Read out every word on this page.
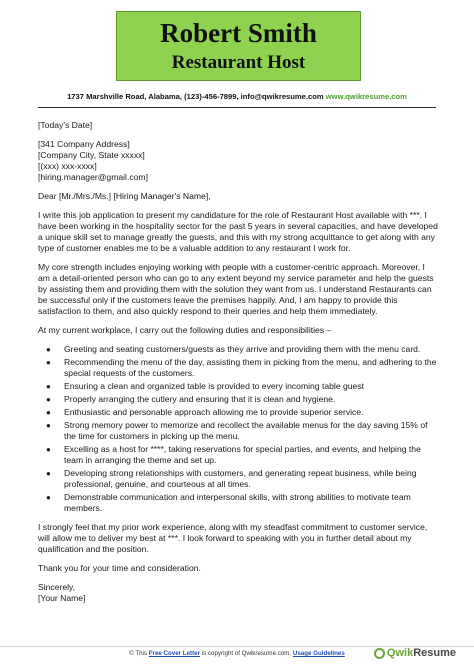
Robert Smith
Restaurant Host
1737 Marshville Road, Alabama, (123)-456-7899, info@qwikresume.com www.qwikresume.com

[Today's Date]

[341 Company Address]
[Company City, State xxxxx]
[(xxx) xxx-xxxx]
[hiring.manager@gmail.com]

Dear [Mr./Mrs./Ms.] [Hiring Manager's Name],

I write this job application to present my candidature for the role of Restaurant Host available with ***. I have been working in the hospitality sector for the past 5 years in several capacities, and have developed a unique skill set to manage greatly the guests, and this with my strong acquittance to get along with any type of customer enables me to be a valuable addition to any restaurant I work for.

My core strength includes enjoying working with people with a customer-centric approach. Moreover, I am a detail-oriented person who can go to any extent beyond my service parameter and help the guests by assisting them and providing them with the solution they want from us. I understand Restaurants can be successful only if the customers leave the premises happily. And, I am happy to provide this satisfaction to them, and also quickly respond to their queries and help them immediately.

At my current workplace, I carry out the following duties and responsibilities –

● Greeting and seating customers/guests as they arrive and providing them with the menu card.
● Recommending the menu of the day, assisting them in picking from the menu, and adhering to the special requests of the customers.
● Ensuring a clean and organized table is provided to every incoming table guest
● Properly arranging the cutlery and ensuring that it is clean and hygiene.
● Enthusiastic and personable approach allowing me to provide superior service.
● Strong memory power to memorize and recollect the available menus for the day saving 15% of the time for customers in picking up the menu.
● Excelling as a host for ****, taking reservations for special parties, and events, and helping the team in arranging the theme and set up.
● Developing strong relationships with customers, and generating repeat business, while being professional, genuine, and courteous at all times.
● Demonstrable communication and interpersonal skills, with strong abilities to motivate team members.

I strongly feel that my prior work experience, along with my steadfast commitment to customer service, will allow me to deliver my best at ***. I look forward to speaking with you in further detail about my qualification and the position.

Thank you for your time and consideration.

Sincerely,
[Your Name]
© This Free Cover Letter is copyright of Qwikresume.com. Usage Guidelines	Qwik Resume
